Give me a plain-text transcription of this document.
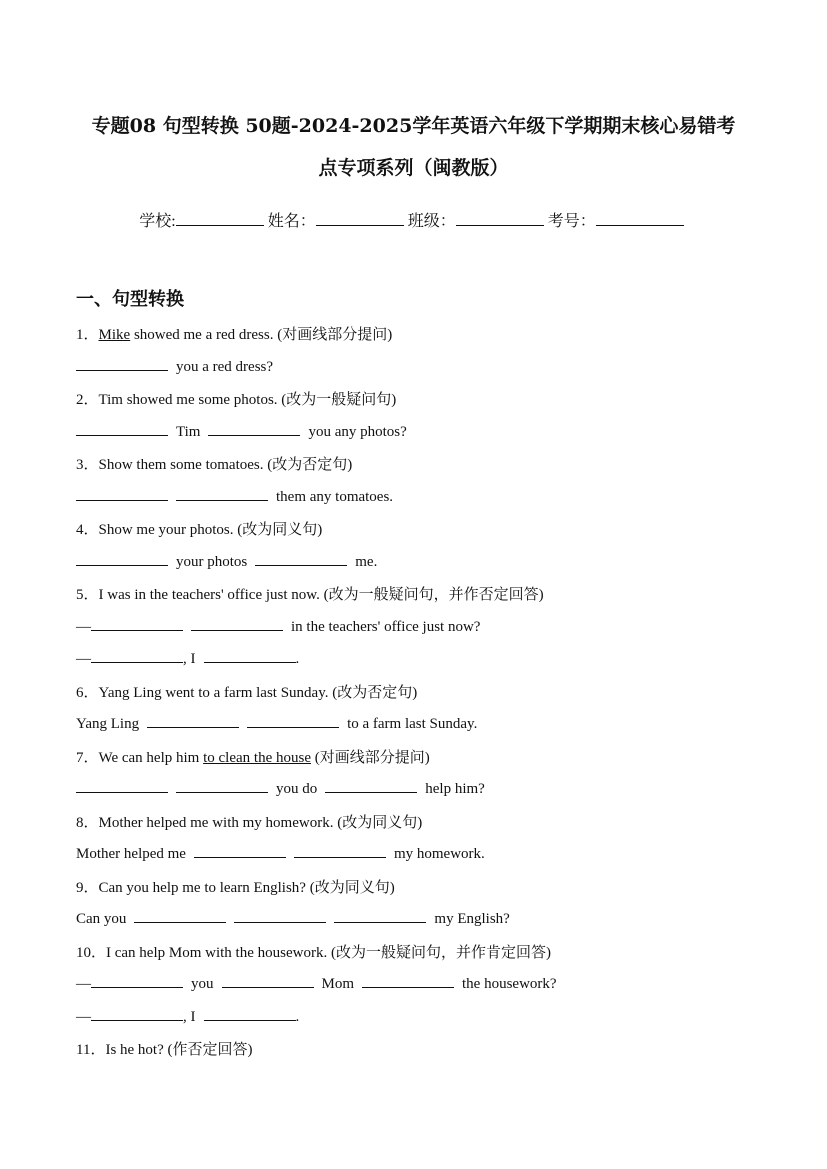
专题08 句型转换 50题-2024-2025学年英语六年级下学期期末核心易错考
点专项系列（闽教版）
学校:	姓名：	班级：	考号：
一、句型转换
1．Mike showed me a red dress. (对画线部分提问)
you a red dress?
2．Tim showed me some photos. (改为一般疑问句)
Tim	you any photos?
3．Show them some tomatoes. (改为否定句)
them any tomatoes.
4．Show me your photos. (改为同义句)
your photos	me.
5．I was in the teachers' office just now. (改为一般疑问句，并作否定回答)
—	in the teachers' office just now?
—	, I	.
6．Yang Ling went to a farm last Sunday. (改为否定句)
Yang Ling	to a farm last Sunday.
7．We can help him to clean the house (对画线部分提问)
you do	help him?
8．Mother helped me with my homework. (改为同义句)
Mother helped me	my homework.
9．Can you help me to learn English? (改为同义句)
Can you	my English?
10．I can help Mom with the housework. (改为一般疑问句，并作肯定回答)
—	you	Mom	the housework?
—	, I	.
11．Is he hot? (作否定回答)
